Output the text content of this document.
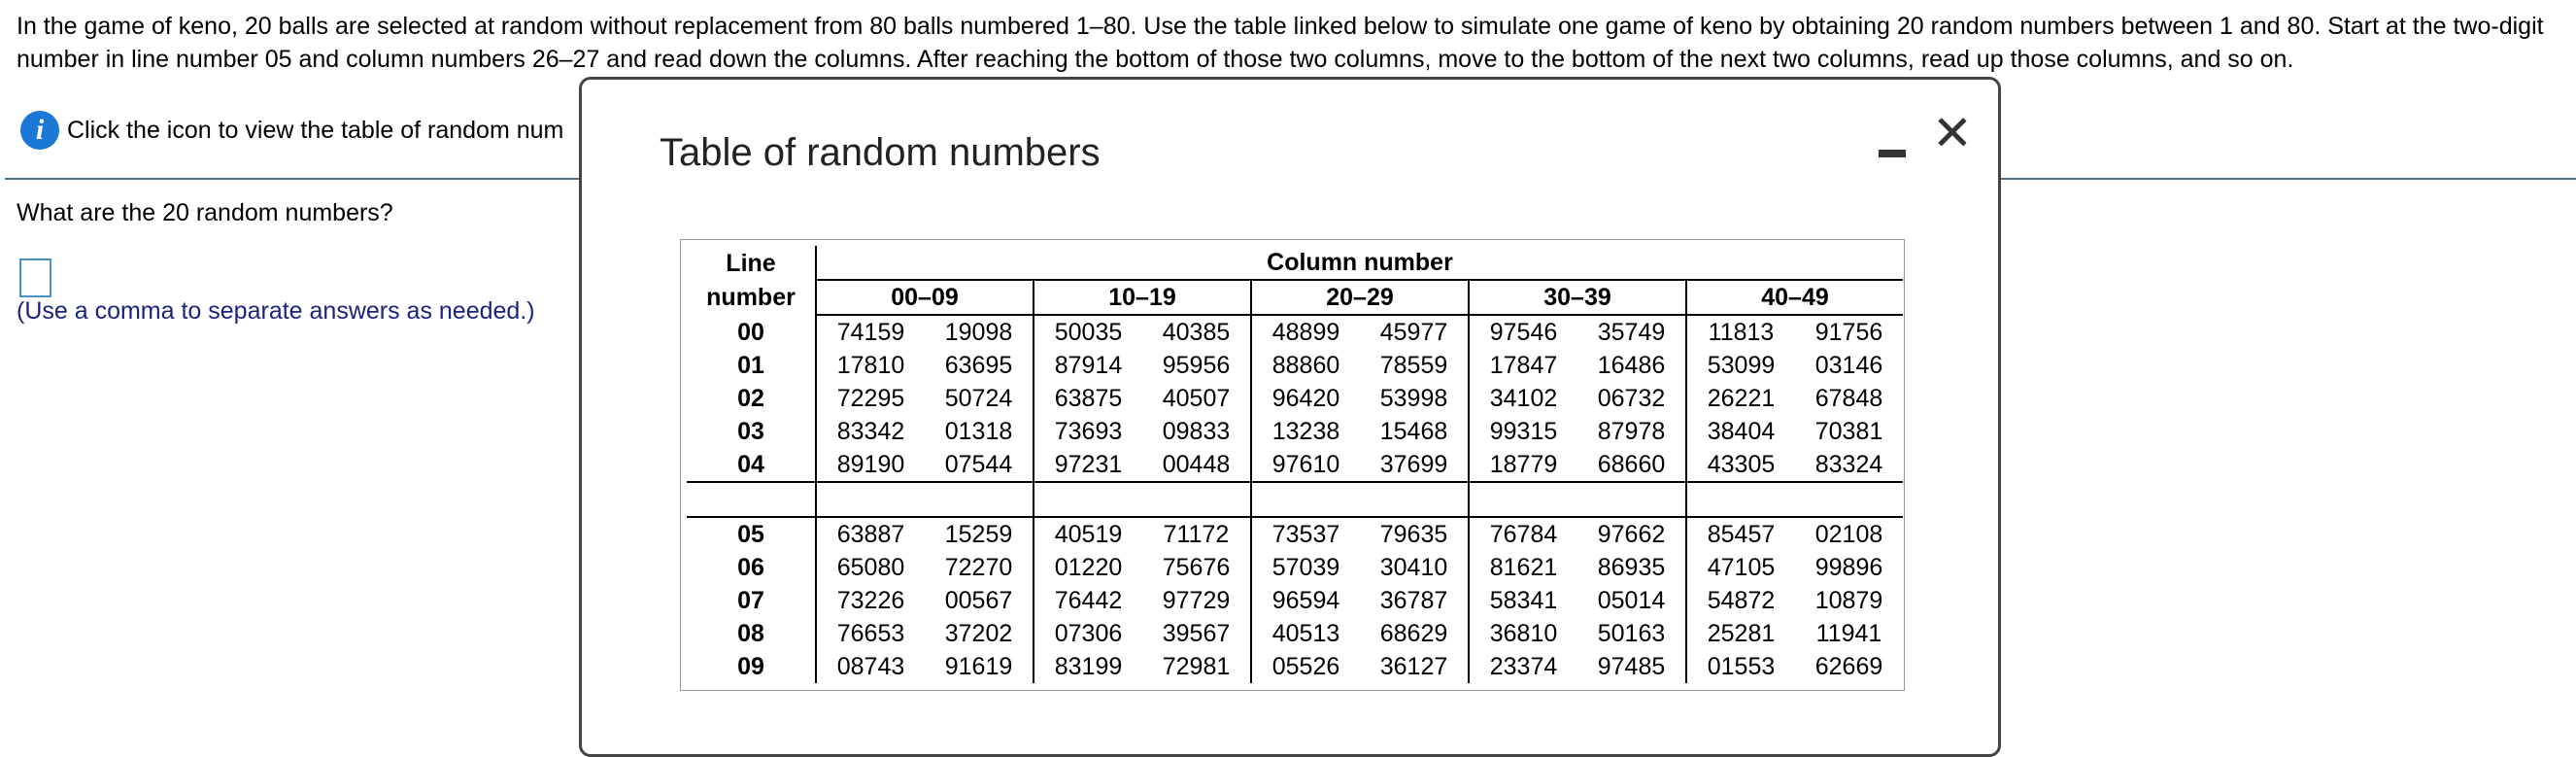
In the game of keno, 20 balls are selected at random without replacement from 80 balls numbered 1–80. Use the table linked below to simulate one game of keno by obtaining 20 random numbers between 1 and 80. Start at the two-digit number in line number 05 and column numbers 26–27 and read down the columns. After reaching the bottom of those two columns, move to the bottom of the next two columns, read up those columns, and so on.
i Click the icon to view the table of random num
What are the 20 random numbers?
(Use a comma to separate answers as needed.)
Table of random numbers	✕
Line	Column number									
number	00–09		10–19		20–29		30–39		40–49	
00	74159	19098	50035	40385	48899	45977	97546	35749	11813	91756
01	17810	63695	87914	95956	88860	78559	17847	16486	53099	03146
02	72295	50724	63875	40507	96420	53998	34102	06732	26221	67848
03	83342	01318	73693	09833	13238	15468	99315	87978	38404	70381
04	89190	07544	97231	00448	97610	37699	18779	68660	43305	83324

05	63887	15259	40519	71172	73537	79635	76784	97662	85457	02108
06	65080	72270	01220	75676	57039	30410	81621	86935	47105	99896
07	73226	00567	76442	97729	96594	36787	58341	05014	54872	10879
08	76653	37202	07306	39567	40513	68629	36810	50163	25281	11941
09	08743	91619	83199	72981	05526	36127	23374	97485	01553	62669
